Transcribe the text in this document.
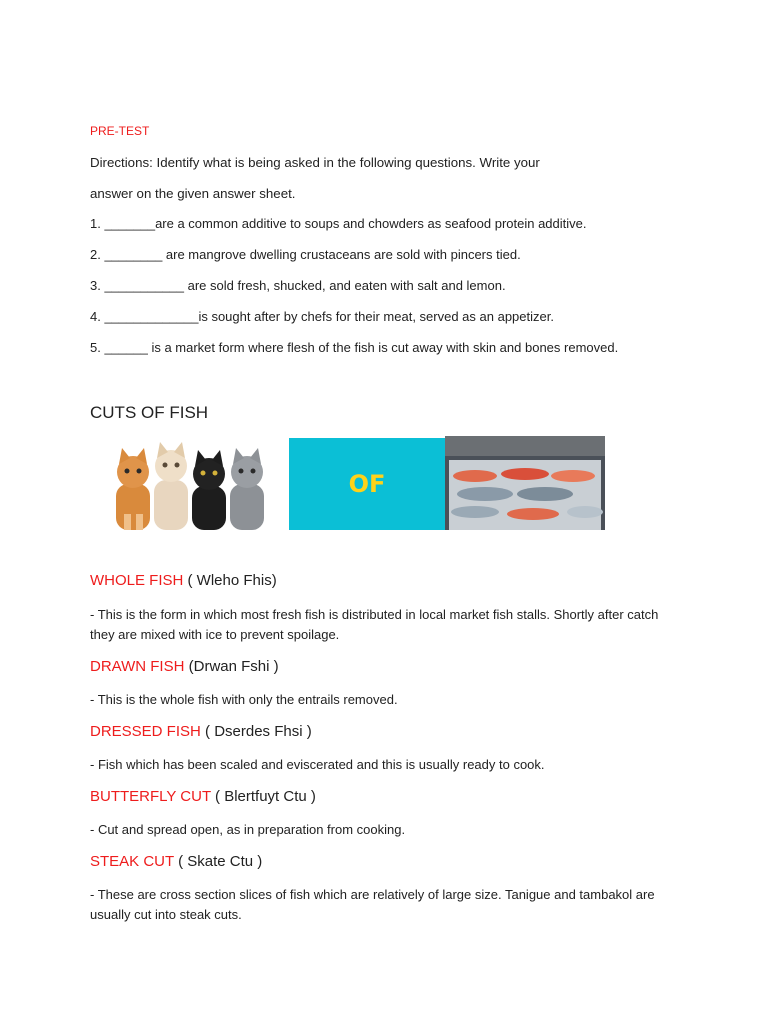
PRE-TEST
Directions: Identify what is being asked in the following questions. Write your
answer on the given answer sheet.
1. _______are a common additive to soups and chowders as seafood protein additive.
2. ________ are mangrove dwelling crustaceans are sold with pincers tied.
3. ___________ are sold fresh, shucked, and eaten with salt and lemon.
4. _____________is sought after by chefs for their meat, served as an appetizer.
5. ______ is a market form where flesh of the fish is cut away with skin and bones removed.
CUTS OF FISH
OF
WHOLE FISH ( Wleho Fhis)
- This is the form in which most fresh fish is distributed in local market fish stalls. Shortly after catch they are mixed with ice to prevent spoilage.
DRAWN FISH (Drwan Fshi )
- This is the whole fish with only the entrails removed.
DRESSED FISH ( Dserdes Fhsi )
- Fish which has been scaled and eviscerated and this is usually ready to cook.
BUTTERFLY CUT ( Blertfuyt Ctu )
- Cut and spread open, as in preparation from cooking.
STEAK CUT ( Skate Ctu )
- These are cross section slices of fish which are relatively of large size. Tanigue and tambakol are usually cut into steak cuts.
